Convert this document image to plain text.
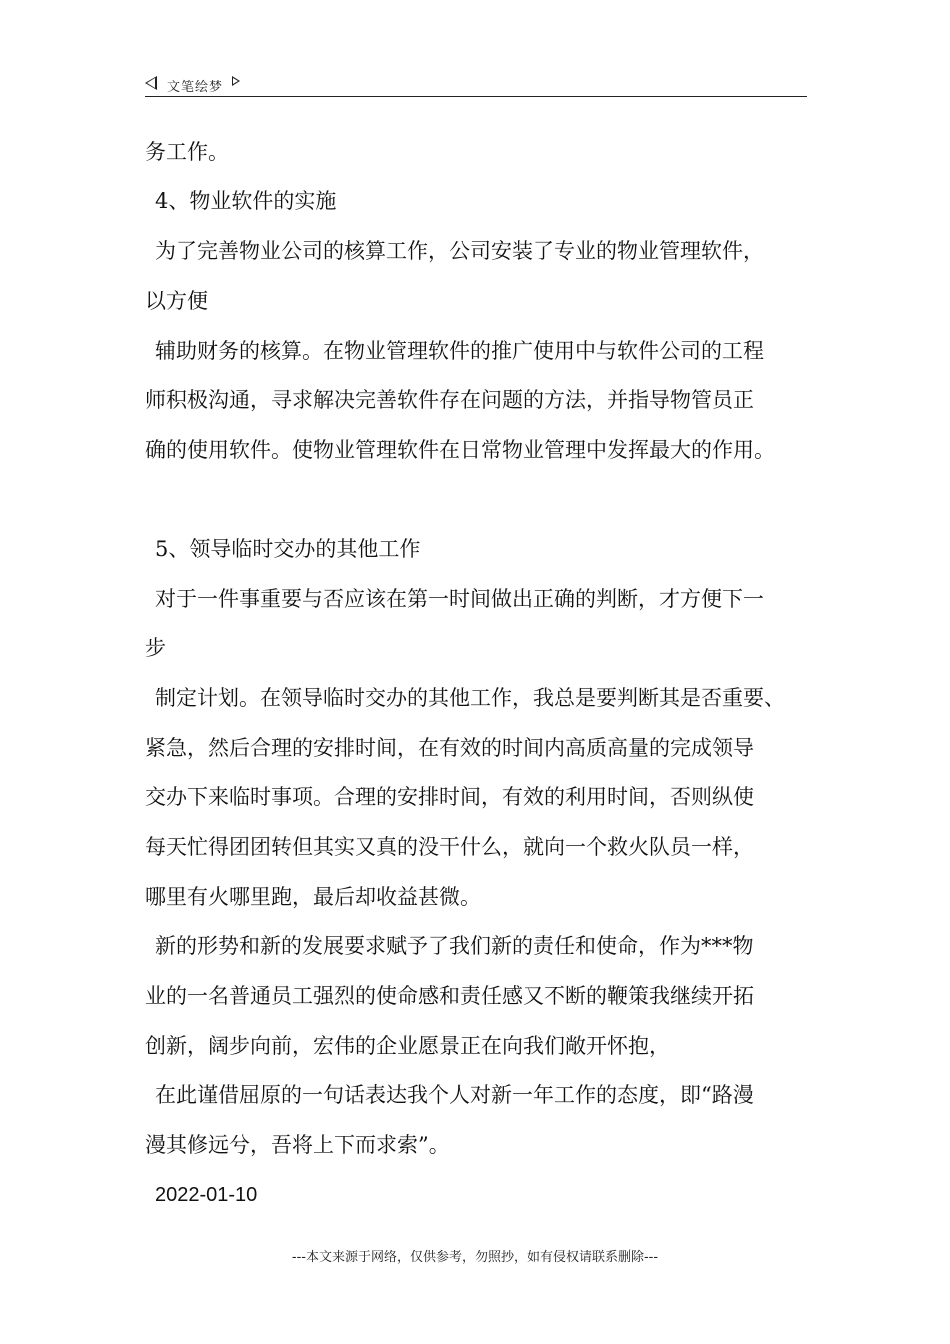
文笔绘梦
务工作。
4、物业软件的实施
为了完善物业公司的核算工作，公司安装了专业的物业管理软件，
以方便
辅助财务的核算。在物业管理软件的推广使用中与软件公司的工程
师积极沟通，寻求解决完善软件存在问题的方法，并指导物管员正
确的使用软件。使物业管理软件在日常物业管理中发挥最大的作用。
5、领导临时交办的其他工作
对于一件事重要与否应该在第一时间做出正确的判断，才方便下一
步
制定计划。在领导临时交办的其他工作，我总是要判断其是否重要、
紧急，然后合理的安排时间，在有效的时间内高质高量的完成领导
交办下来临时事项。合理的安排时间，有效的利用时间，否则纵使
每天忙得团团转但其实又真的没干什么，就向一个救火队员一样，
哪里有火哪里跑，最后却收益甚微。
新的形势和新的发展要求赋予了我们新的责任和使命，作为***物
业的一名普通员工强烈的使命感和责任感又不断的鞭策我继续开拓
创新，阔步向前，宏伟的企业愿景正在向我们敞开怀抱，
在此谨借屈原的一句话表达我个人对新一年工作的态度，即“路漫
漫其修远兮，吾将上下而求索”。
2022-01-10
---本文来源于网络，仅供参考，勿照抄，如有侵权请联系删除---
